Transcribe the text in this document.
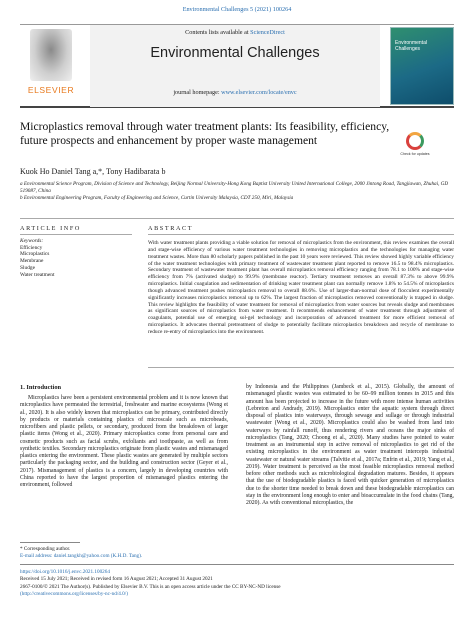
Environmental Challenges 5 (2021) 100264
ELSEVIER
Contents lists available at ScienceDirect
Environmental Challenges
journal homepage: www.elsevier.com/locate/envc
Environmental Challenges
Microplastics removal through water treatment plants: Its feasibility, efficiency, future prospects and enhancement by proper waste management
Check for updates
Kuok Ho Daniel Tang a,*, Tony Hadibarata b
a Environmental Science Program, Division of Science and Technology, Beijing Normal University-Hong Kong Baptist University United International College, 2000 Jintong Road, Tangjiawan, Zhuhai, GD 519087, China
b Environmental Engineering Program, Faculty of Engineering and Science, Curtin University Malaysia, CDT 250, Miri, Malaysia
ARTICLE INFO
Keywords:
Efficiency
Microplastics
Membrane
Sludge
Water treatment
ABSTRACT
With water treatment plants providing a viable solution for removal of microplastics from the environment, this review examines the overall and stage-wise efficiency of various water treatment technologies in removing microplastics and the technologies for managing water treatment wastes. More than 80 scholarly papers published in the past 10 years were reviewed. This review showed highly variable efficiency of the water treatment technologies with primary treatment of wastewater treatment plant reported to remove 16.5 to 98.4% microplastics. Secondary treatment of wastewater treatment plant has overall microplastics removal efficiency ranging from 78.1 to 100% and stage-wise efficiency from 7% (activated sludge) to 99.9% (membrane reactor). Tertiary treatment removes an overall 87.3% to above 99.9% microplastics. Initial coagulation and sedimentation of drinking water treatment plant can normally remove 1.8% to 54.5% of microplastics though advanced treatment pushes microplastics removal to overall 88.6%. Use of larger-than-normal dose of flocculent experimentally significantly increases microplastics removal up to 62%. The largest fraction of microplastics removed conventionally is trapped in sludge. This review highlights the feasibility of water treatment for removal of microplastics from water sources but reveals sludge and membranes as significant sources of microplastics from water treatment. It recommends enhancement of water treatment through adjustment of coagulants, potential use of emerging sol-gel technology and incorporation of advanced treatment for more efficient removal of microplastics. It advocates thermal pretreatment of sludge to potentially facilitate microplastics breakdown and recycle of membrane to reduce re-entry of microplastics into the environment.
1. Introduction

Microplastics have been a persistent environmental problem and it is now known that microplastics have permeated the terrestrial, freshwater and marine ecosystems (Wong et al., 2020). It is also widely known that microplastics can be primary, contributed directly by products or materials containing plastics of microscale such as microbeads, microfibers and plastic pellets, or secondary, produced from the breakdown of larger plastic items (Wong et al., 2020). Primary microplastics come from personal care and cosmetic products such as facial scrubs, exfoliants and toothpaste, as well as from synthetic textiles. Secondary microplastics originate from plastic wastes and mismanaged plastics entering the environment. These plastic wastes are generated by multiple sectors particularly the packaging sector, and the building and construction sector (Geyer et al., 2017). Mismanagement of plastics is a concern, largely in developing countries with China reported to have the largest proportion of mismanaged plastics entering the environment, followed

by Indonesia and the Philippines (Jambeck et al., 2015). Globally, the amount of mismanaged plastic wastes was estimated to be 60–99 million tonnes in 2015 and this amount has been projected to increase in the future with more intense human activities (Lebreton and Andrady, 2019). Microplastics enter the aquatic system through direct disposal of plastics into waterways, through sewage and sullage or through industrial wastewater (Wong et al., 2020). Microplastics could also be washed from land into waterways by rainfall runoff, thus rendering rivers and oceans the major sinks of microplastics (Tang, 2020; Choong et al., 2020). Many studies have pointed to water treatment as an instrumental step in active removal of microplastics to get rid of the existing microplastics in the environment as water treatment intercepts industrial wastewater or natural water streams (Talvitie et al., 2017a; Enfrin et al., 2019; Yang et al., 2019). Water treatment is perceived as the most feasible microplastics removal method before other methods such as microbiological degradation matures. Besides, it appears that the use of biodegradable plastics is faced with quicker generation of microplastics due to the shorter time needed to break down and these biodegradable microplastics can stay in the environment long enough to enter and bioaccumulate in the food chains (Tang, 2020). As with conventional microplastics, the

* Corresponding author.
E-mail address: daniel.tangkh@yahoo.com (K.H.D. Tang).
https://doi.org/10.1016/j.envc.2021.100264
Received 15 July 2021; Received in revised form 16 August 2021; Accepted 31 August 2021
2667-0100/© 2021 The Author(s). Published by Elsevier B.V. This is an open access article under the CC BY-NC-ND license
(http://creativecommons.org/licenses/by-nc-nd/4.0/)
